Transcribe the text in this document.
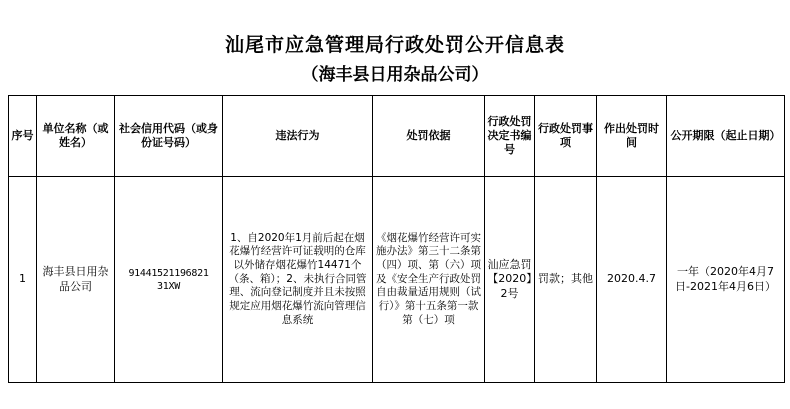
汕尾市应急管理局行政处罚公开信息表
（海丰县日用杂品公司）
序号	单位名称（或姓名）	社会信用代码（或身份证号码）	违法行为	处罚依据	行政处罚决定书编号	行政处罚事项	作出处罚时间	公开期限（起止日期）
1	海丰县日用杂品公司	91441521196821 31XW	1、自2020年1月前后起在烟花爆竹经营许可证载明的仓库以外储存烟花爆竹14471个（条、箱）；2、未执行合同管理、流向登记制度并且未按照规定应用烟花爆竹流向管理信息系统	《烟花爆竹经营许可实施办法》第三十二条第（四）项、第（六）项及《安全生产行政处罚自由裁量适用规则（试行）》第十五条第一款第（七）项	汕应急罚【2020】2号	罚款；其他	2020.4.7	一年（2020年4月7日-2021年4月6日）
